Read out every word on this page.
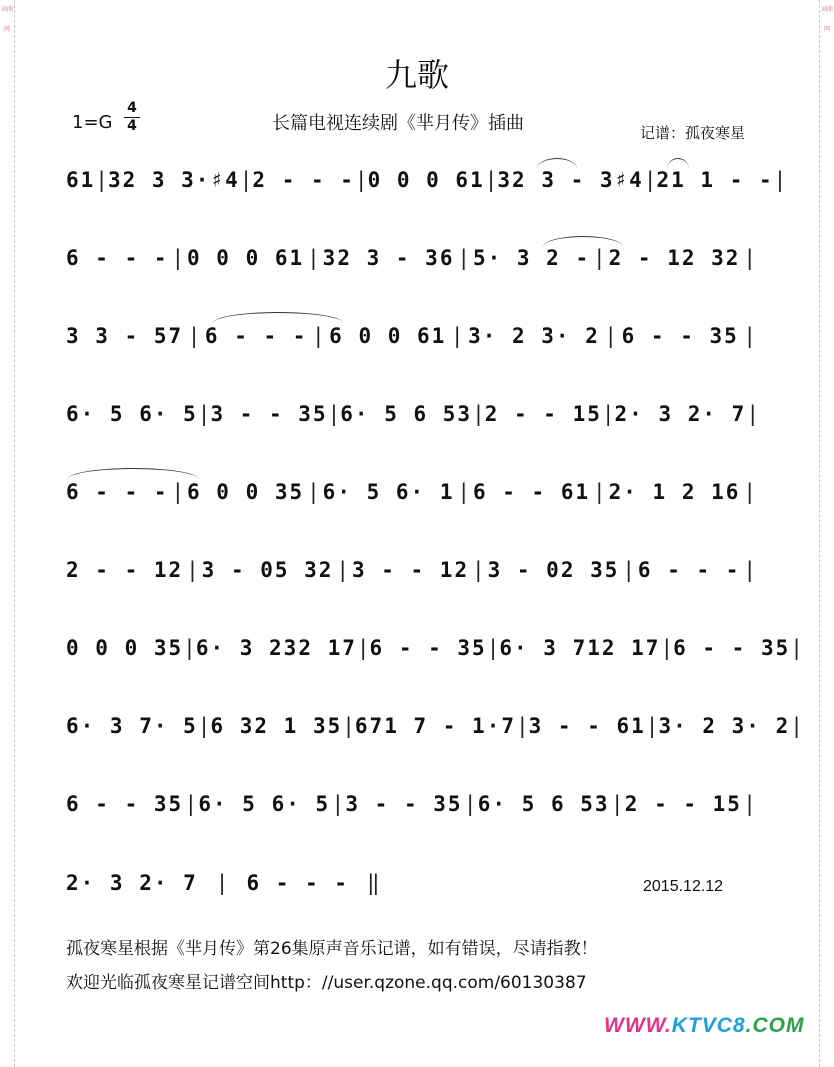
词曲网
词曲网
九歌
1=G
4
4	长篇电视连续剧《芈月传》插曲	记谱：孤夜寒星
61 | 32 3 3·♯4 | 2 - - - | 0 0 0 61 | 32 3 - 3♯4 | 21 1 - - |
6 - - - | 0 0 0 61 | 32 3 - 36 | 5· 3 2 - | 2 - 12 32 |
3 3 - 57 | 6 - - - | 6 0 0 61 | 3· 2 3· 2 | 6 - - 35 |
6· 5 6· 5 | 3 - - 35 | 6· 5 6 53 | 2 - - 15 | 2· 3 2· 7 |
6 - - - | 6 0 0 35 | 6· 5 6· 1 | 6 - - 61 | 2· 1 2 16 |
2 - - 12 | 3 - 05 32 | 3 - - 12 | 3 - 02 35 | 6 - - - |
0 0 0 35 | 6· 3 232 17 | 6 - - 35 | 6· 3 712 17 | 6 - - 35 |
6· 3 7· 5 | 6 32 1 35 | 671 7 - 1·7 | 3 - - 61 | 3· 2 3· 2 |
6 - - 35 | 6· 5 6· 5 | 3 - - 35 | 6· 5 6 53 | 2 - - 15 |
2· 3 2· 7 | 6 - - - ‖	2015.12.12
孤夜寒星根据《芈月传》第26集原声音乐记谱，如有错误，尽请指教！
欢迎光临孤夜寒星记谱空间http：//user.qzone.qq.com/60130387
WWW.KTVC8.COM
